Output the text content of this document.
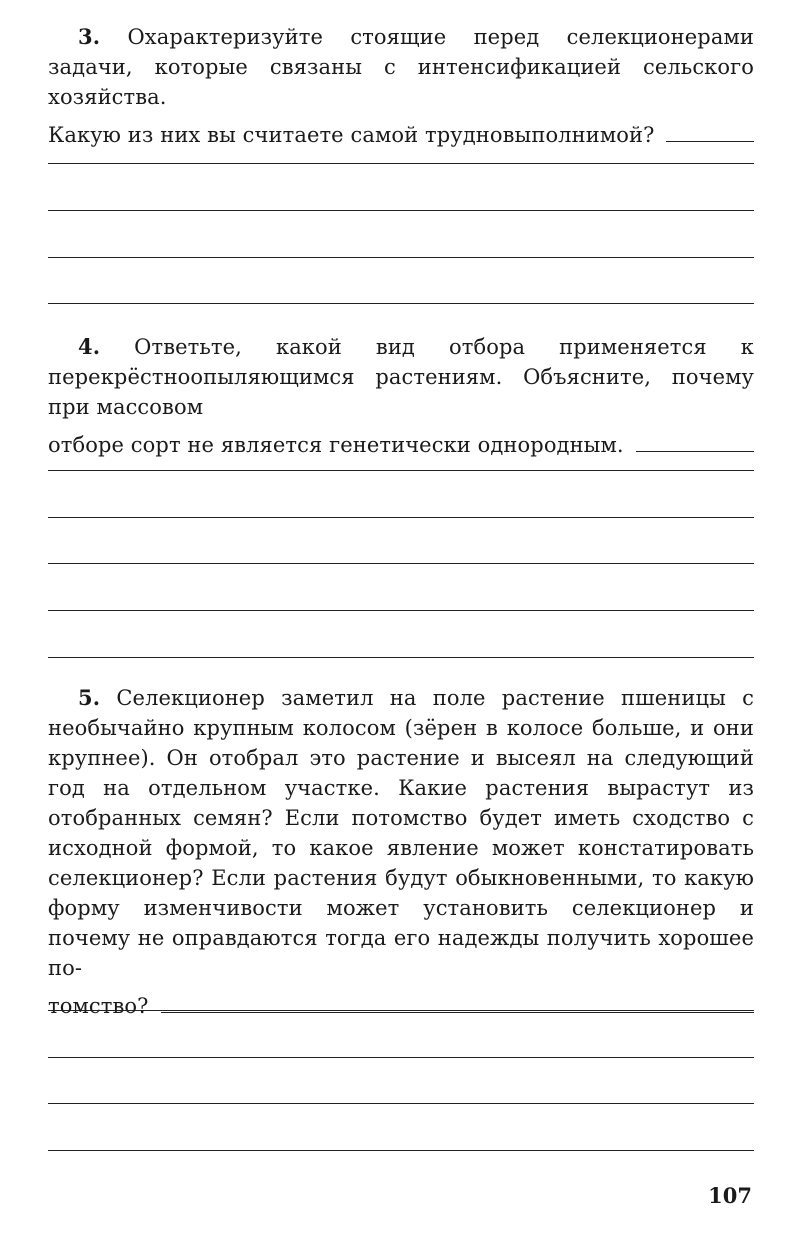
3. Охарактеризуйте стоящие перед селекционерами задачи, которые связаны с интенсификацией сельского хозяйства.
Какую из них вы считаете самой трудновыполнимой?
4. Ответьте, какой вид отбора применяется к перекрёстноопыляющимся растениям. Объясните, почему при массовом
отборе сорт не является генетически однородным.
5. Селекционер заметил на поле растение пшеницы с необычайно крупным колосом (зёрен в колосе больше, и они крупнее). Он отобрал это растение и высеял на следующий год на отдельном участке. Какие растения вырастут из отобранных семян? Если потомство будет иметь сходство с исходной формой, то какое явление может констатировать селекционер? Если растения будут обыкновенными, то какую форму изменчивости может установить селекционер и почему не оправдаются тогда его надежды получить хорошее по-
томство?
107
